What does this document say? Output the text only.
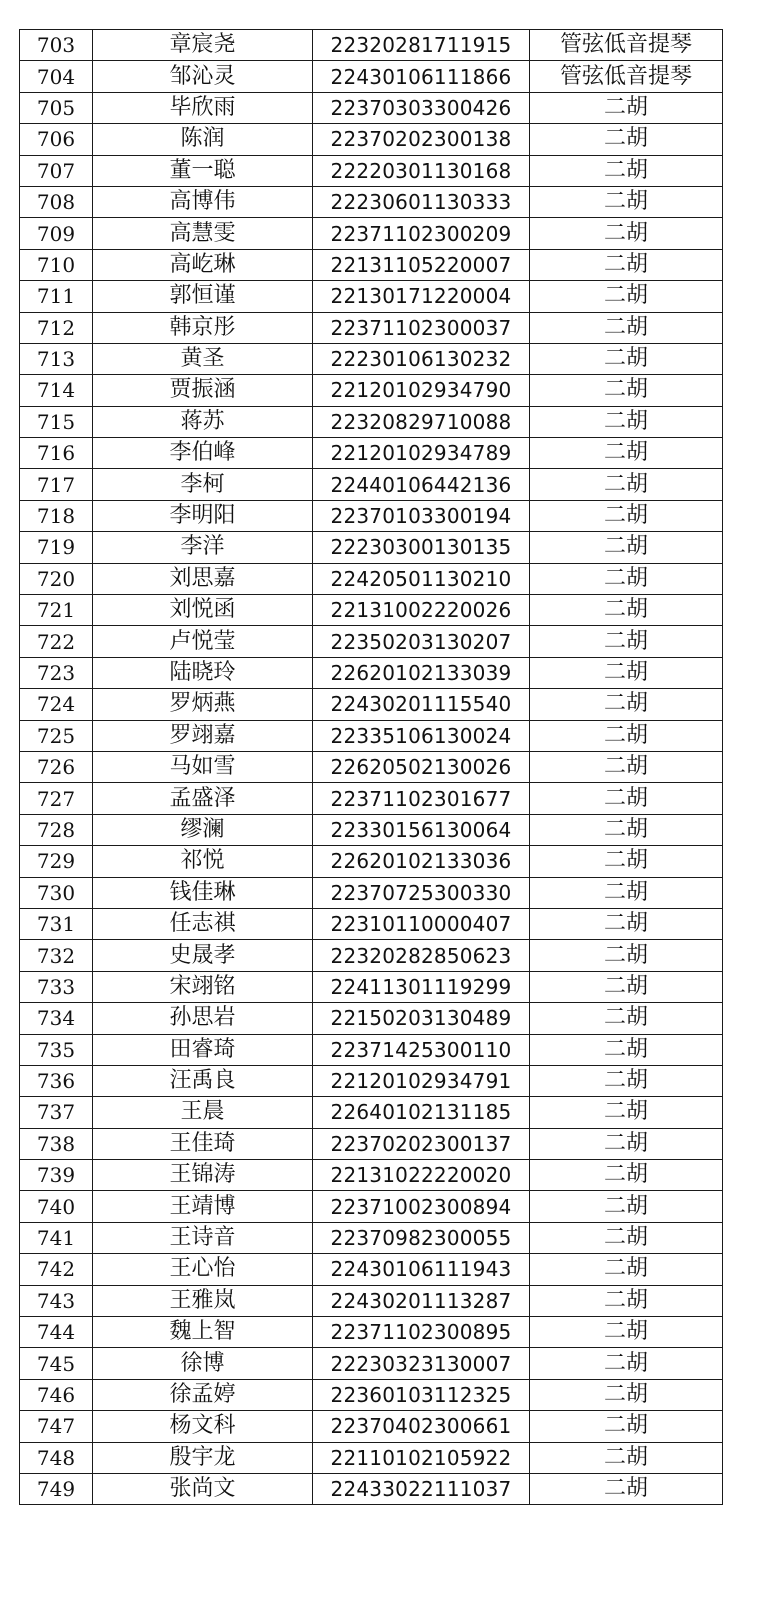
703	章宸尧	22320281711915	管弦低音提琴
704	邹沁灵	22430106111866	管弦低音提琴
705	毕欣雨	22370303300426	二胡
706	陈润	22370202300138	二胡
707	董一聪	22220301130168	二胡
708	高博伟	22230601130333	二胡
709	高慧雯	22371102300209	二胡
710	高屹琳	22131105220007	二胡
711	郭恒谨	22130171220004	二胡
712	韩京彤	22371102300037	二胡
713	黄圣	22230106130232	二胡
714	贾振涵	22120102934790	二胡
715	蒋苏	22320829710088	二胡
716	李伯峰	22120102934789	二胡
717	李柯	22440106442136	二胡
718	李明阳	22370103300194	二胡
719	李洋	22230300130135	二胡
720	刘思嘉	22420501130210	二胡
721	刘悦函	22131002220026	二胡
722	卢悦莹	22350203130207	二胡
723	陆晓玲	22620102133039	二胡
724	罗炳燕	22430201115540	二胡
725	罗翊嘉	22335106130024	二胡
726	马如雪	22620502130026	二胡
727	孟盛泽	22371102301677	二胡
728	缪澜	22330156130064	二胡
729	祁悦	22620102133036	二胡
730	钱佳琳	22370725300330	二胡
731	任志祺	22310110000407	二胡
732	史晟孝	22320282850623	二胡
733	宋翊铭	22411301119299	二胡
734	孙思岩	22150203130489	二胡
735	田睿琦	22371425300110	二胡
736	汪禹良	22120102934791	二胡
737	王晨	22640102131185	二胡
738	王佳琦	22370202300137	二胡
739	王锦涛	22131022220020	二胡
740	王靖博	22371002300894	二胡
741	王诗音	22370982300055	二胡
742	王心怡	22430106111943	二胡
743	王雅岚	22430201113287	二胡
744	魏上智	22371102300895	二胡
745	徐博	22230323130007	二胡
746	徐孟婷	22360103112325	二胡
747	杨文科	22370402300661	二胡
748	殷宇龙	22110102105922	二胡
749	张尚文	22433022111037	二胡
